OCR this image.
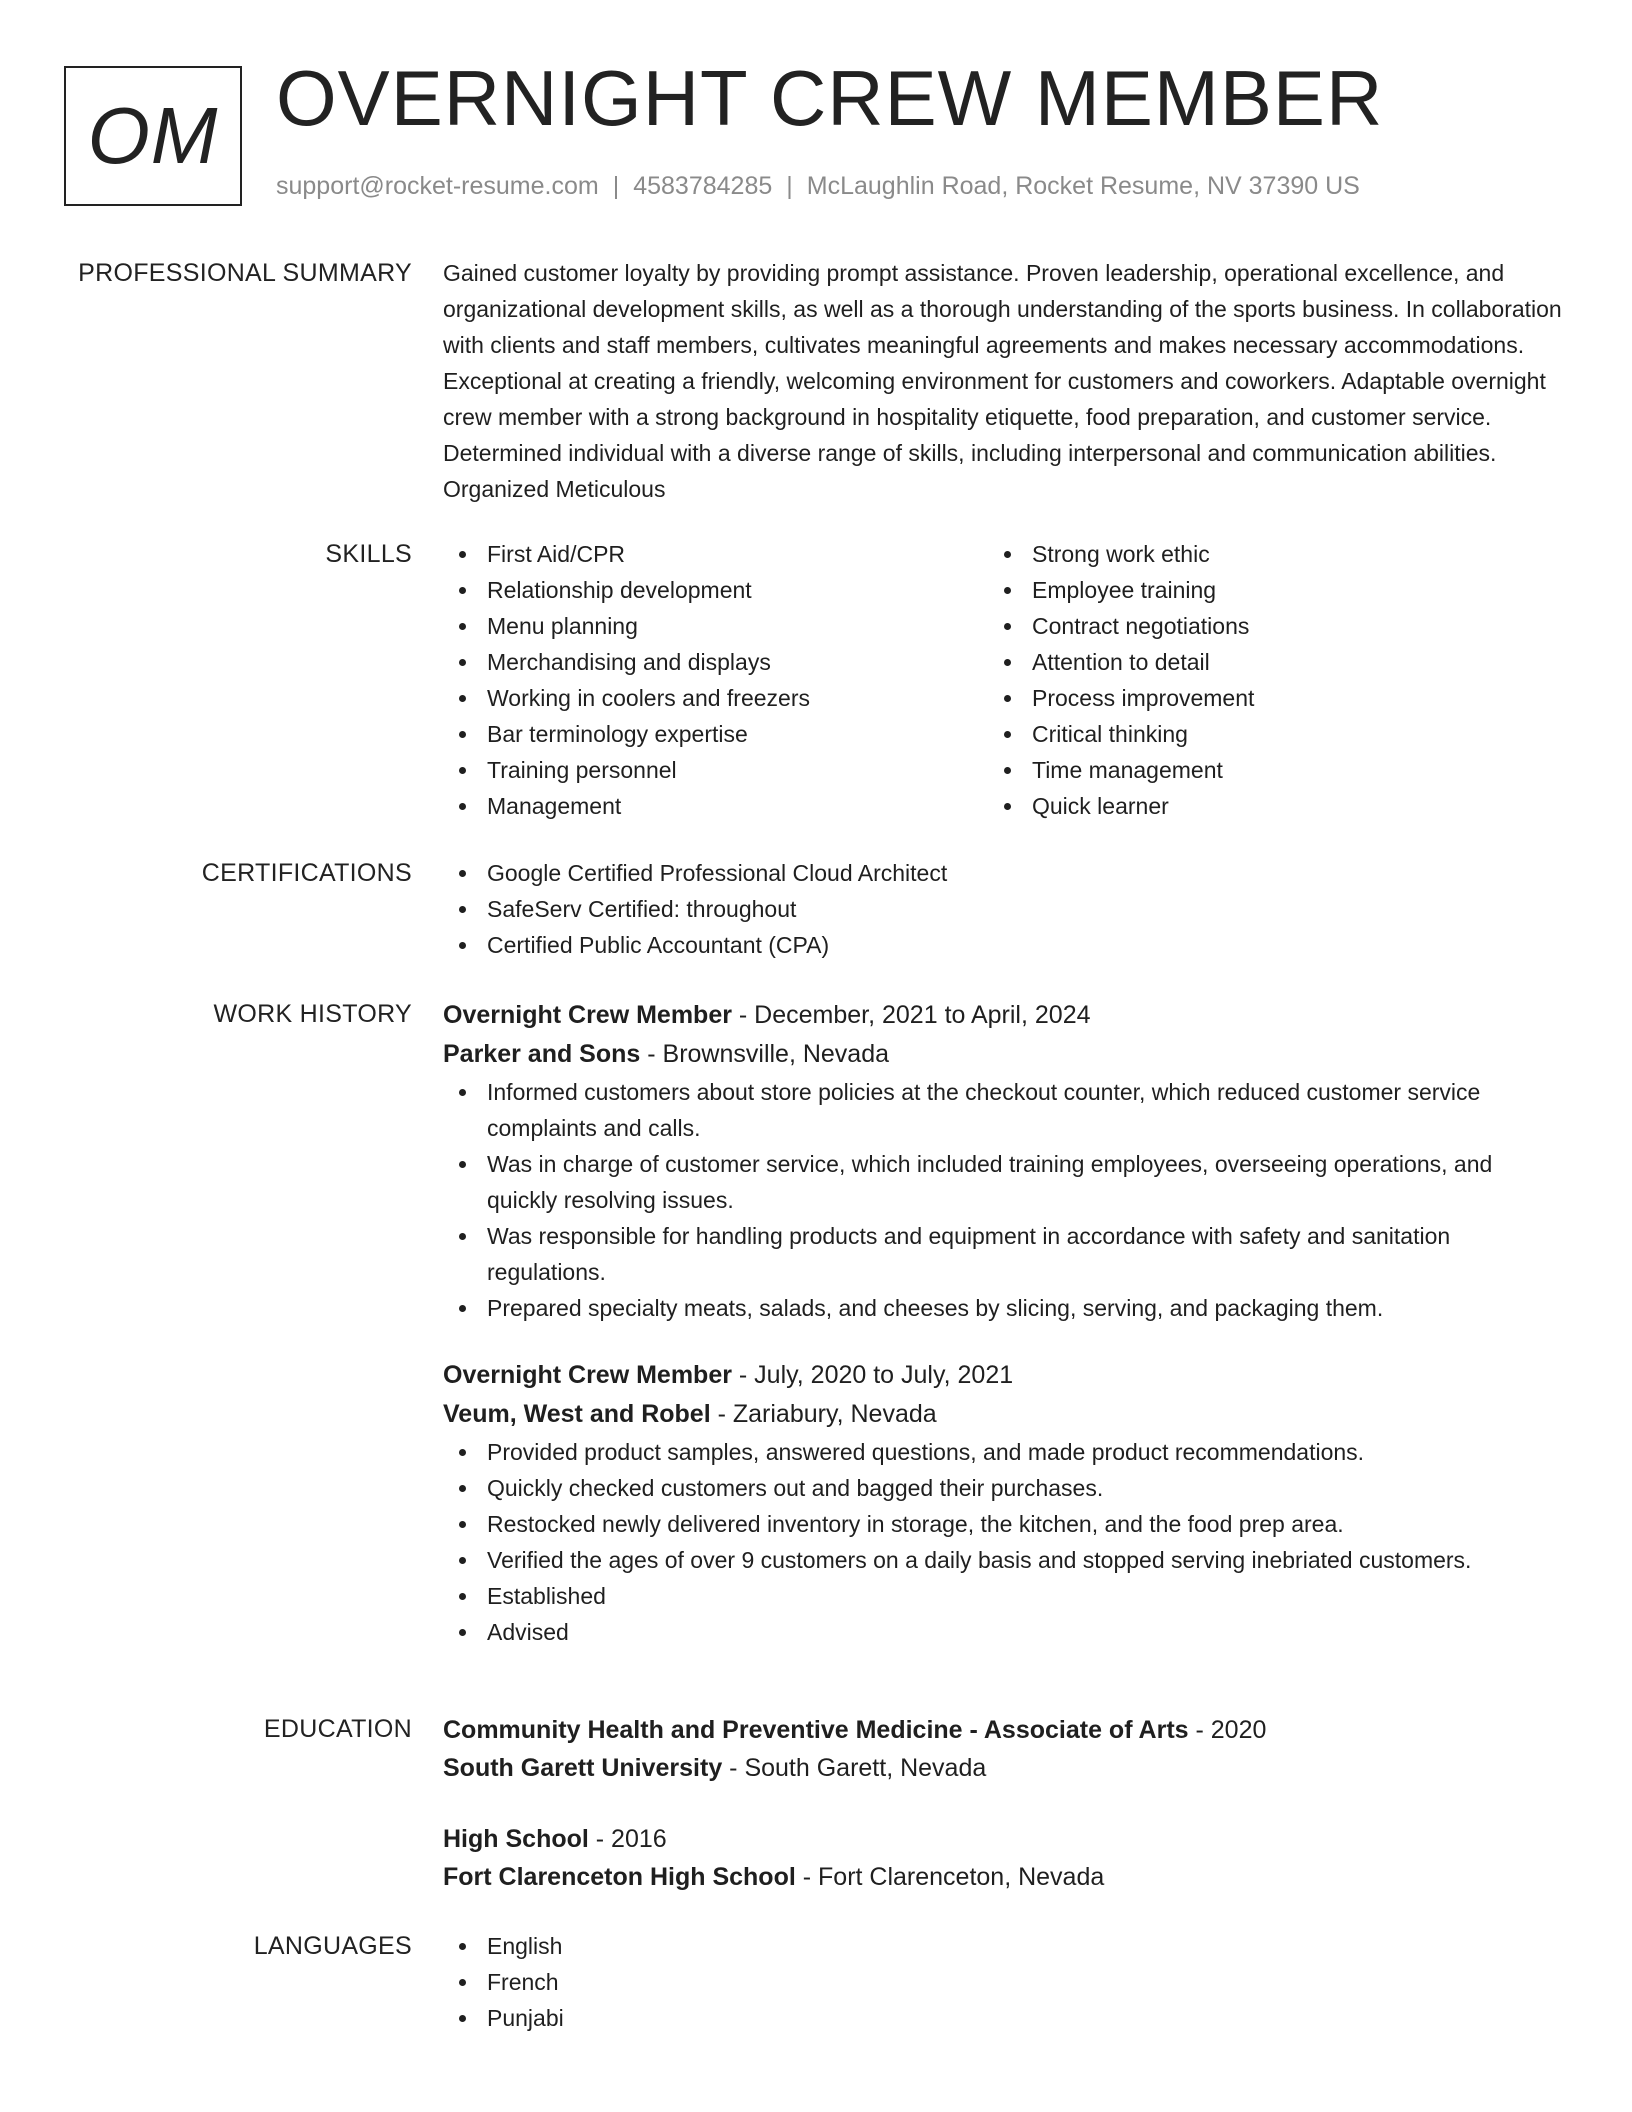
OM OVERNIGHT CREW MEMBER
support@rocket-resume.com | 4583784285 | McLaughlin Road, Rocket Resume, NV 37390 US
PROFESSIONAL SUMMARY Gained customer loyalty by providing prompt assistance. Proven leadership, operational excellence, and organizational development skills, as well as a thorough understanding of the sports business. In collaboration with clients and staff members, cultivates meaningful agreements and makes necessary accommodations. Exceptional at creating a friendly, welcoming environment for customers and coworkers. Adaptable overnight crew member with a strong background in hospitality etiquette, food preparation, and customer service. Determined individual with a diverse range of skills, including interpersonal and communication abilities. Organized Meticulous
SKILLS	First Aid/CPR
Relationship development
Menu planning
Merchandising and displays
Working in coolers and freezers
Bar terminology expertise
Training personnel
Management
Strong work ethic
Employee training
Contract negotiations
Attention to detail
Process improvement
Critical thinking
Time management
Quick learner
CERTIFICATIONS	Google Certified Professional Cloud Architect
SafeServ Certified: throughout
Certified Public Accountant (CPA)
WORK HISTORY Overnight Crew Member - December, 2021 to April, 2024
Parker and Sons - Brownsville, Nevada
Informed customers about store policies at the checkout counter, which reduced customer service complaints and calls.
Was in charge of customer service, which included training employees, overseeing operations, and quickly resolving issues.
Was responsible for handling products and equipment in accordance with safety and sanitation regulations.
Prepared specialty meats, salads, and cheeses by slicing, serving, and packaging them.
Overnight Crew Member - July, 2020 to July, 2021
Veum, West and Robel - Zariabury, Nevada
Provided product samples, answered questions, and made product recommendations.
Quickly checked customers out and bagged their purchases.
Restocked newly delivered inventory in storage, the kitchen, and the food prep area.
Verified the ages of over 9 customers on a daily basis and stopped serving inebriated customers.
Established
Advised
EDUCATION Community Health and Preventive Medicine - Associate of Arts - 2020
South Garett University - South Garett, Nevada
High School - 2016
Fort Clarenceton High School - Fort Clarenceton, Nevada
LANGUAGES	English
French
Punjabi
